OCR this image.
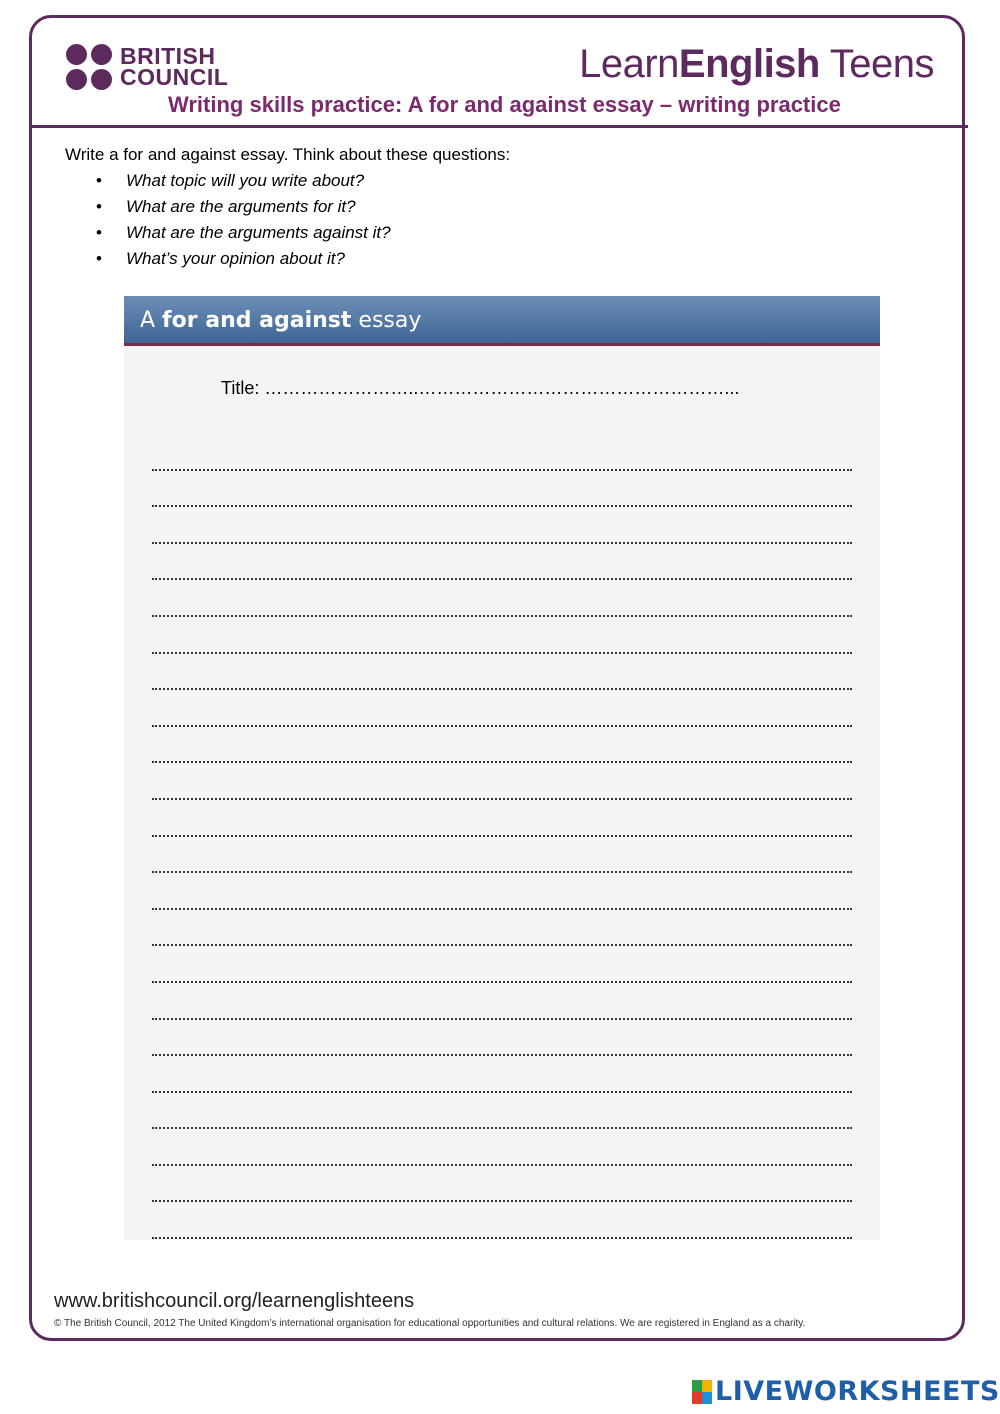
BRITISH
COUNCIL	LearnEnglish Teens
Writing skills practice: A for and against essay – writing practice
Write a for and against essay. Think about these questions:
• What topic will you write about?
• What are the arguments for it?
• What are the arguments against it?
• What’s your opinion about it?
A for and against essay
Title: ……………………..……………………………………………...
www.britishcouncil.org/learnenglishteens
© The British Council, 2012 The United Kingdom’s international organisation for educational opportunities and cultural relations. We are registered in England as a charity.
LIVEWORKSHEETS
